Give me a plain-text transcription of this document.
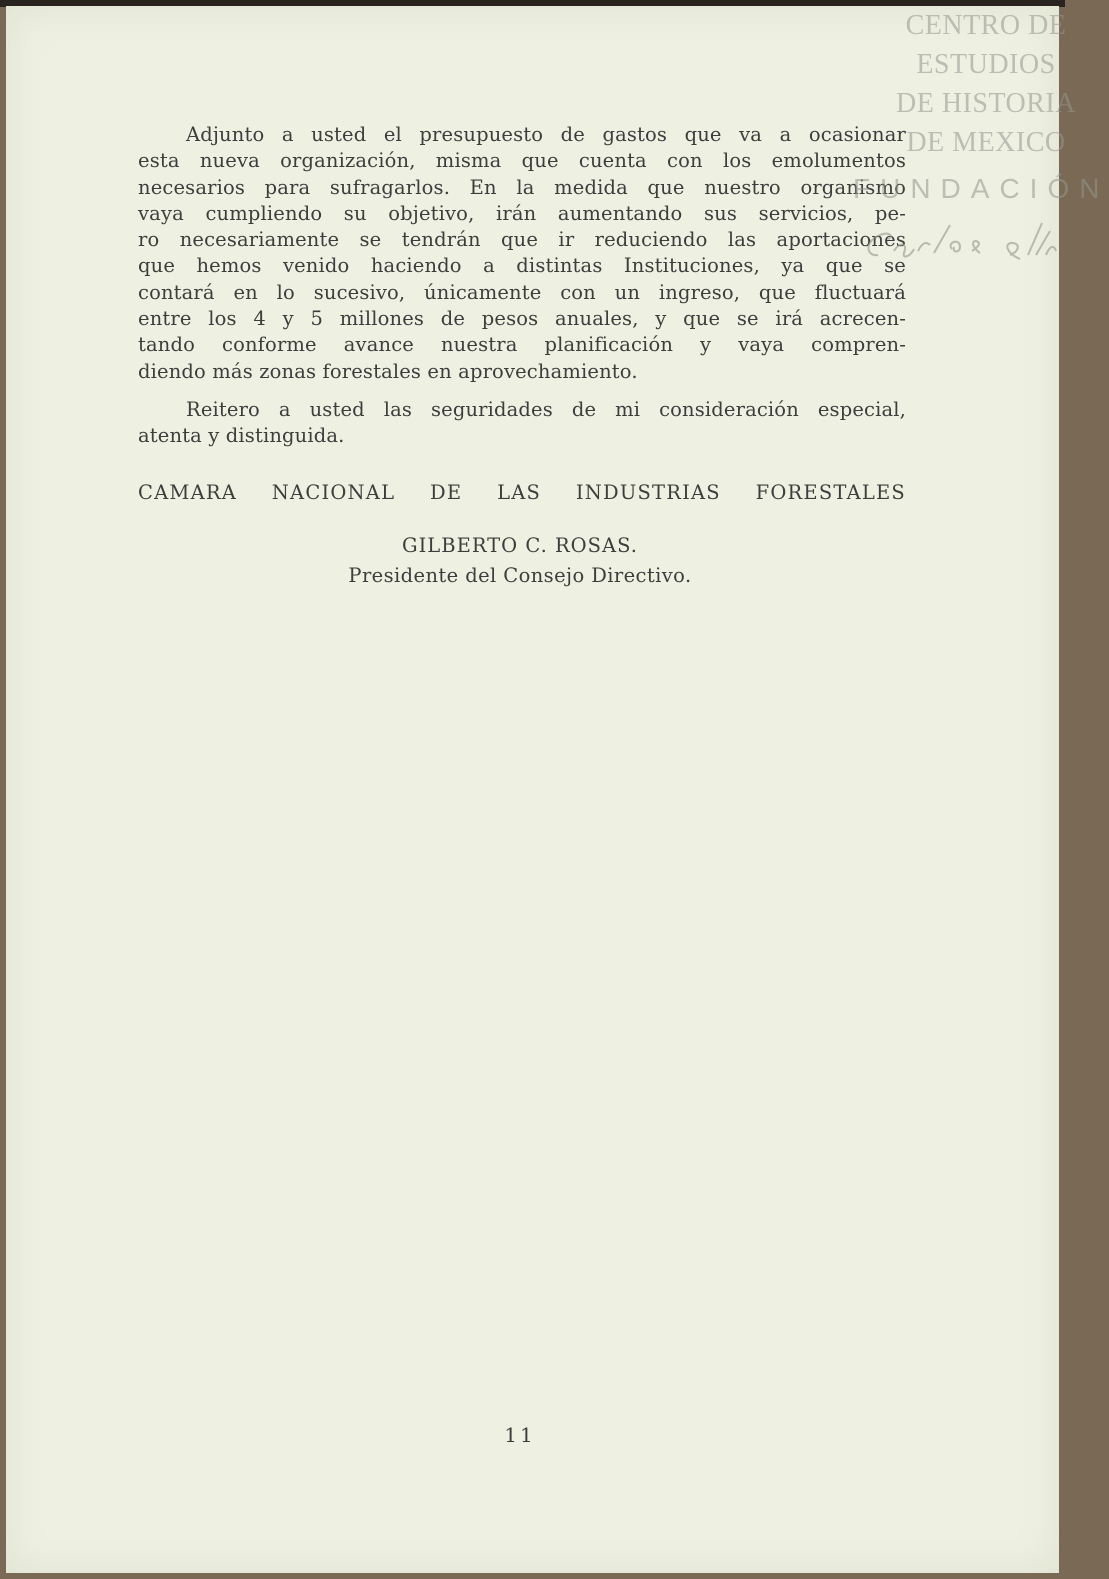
Adjunto a usted el presupuesto de gastos que va a ocasionar
esta nueva organización, misma que cuenta con los emolumentos
necesarios para sufragarlos. En la medida que nuestro organismo
vaya cumpliendo su objetivo, irán aumentando sus servicios, pe-
ro necesariamente se tendrán que ir reduciendo las aportaciones
que hemos venido haciendo a distintas Instituciones, ya que se
contará en lo sucesivo, únicamente con un ingreso, que fluctuará
entre los 4 y 5 millones de pesos anuales, y que se irá acrecen-
tando conforme avance nuestra planificación y vaya compren-
diendo más zonas forestales en aprovechamiento.

Reitero a usted las seguridades de mi consideración especial,
atenta y distinguida.

CAMARA NACIONAL DE LAS INDUSTRIAS FORESTALES
GILBERTO C. ROSAS.
Presidente del Consejo Directivo.
11
CENTRO DE
ESTUDIOS
DE HISTORIA
DE MEXICO
FUNDACIÓN
